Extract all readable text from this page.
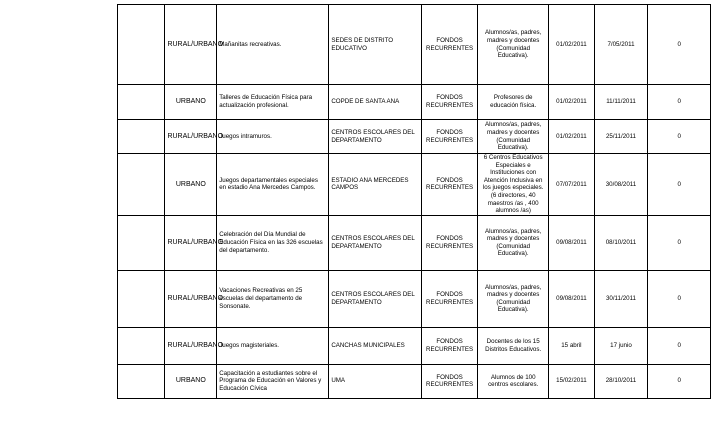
	RURAL/URBANO	Mañanitas recreativas.	SEDES DE DISTRITO EDUCATIVO	FONDOS RECURRENTES	Alumnos/as, padres, madres y docentes (Comunidad Educativa).	01/02/2011	7/05/2011	0
	URBANO	Talleres de Educación Física para actualización profesional.	COPDE DE SANTA ANA	FONDOS RECURRENTES	Profesores de educación física.	01/02/2011	11/11/2011	0
	RURAL/URBANO	Juegos intramuros.	CENTROS ESCOLARES DEL DEPARTAMENTO	FONDOS RECURRENTES	Alumnos/as, padres, madres y docentes (Comunidad Educativa).	01/02/2011	25/11/2011	0
	URBANO	Juegos departamentales especiales en estadio Ana Mercedes Campos.	ESTADIO ANA MERCEDES CAMPOS	FONDOS RECURRENTES	6 Centros Educativos Especiales e Instituciones con Atención Inclusiva en los juegos especiales. (6 directores, 40 maestros /as , 400 alumnos /as)	07/07/2011	30/08/2011	0
	RURAL/URBANO	Celebración del Día Mundial de Educación Física en las 326 escuelas del departamento.	CENTROS ESCOLARES DEL DEPARTAMENTO	FONDOS RECURRENTES	Alumnos/as, padres, madres y docentes (Comunidad Educativa).	09/08/2011	08/10/2011	0
	RURAL/URBANO	Vacaciones Recreativas en 25 escuelas del departamento de Sonsonate.	CENTROS ESCOLARES DEL DEPARTAMENTO	FONDOS RECURRENTES	Alumnos/as, padres, madres y docentes (Comunidad Educativa).	09/08/2011	30/11/2011	0
	RURAL/URBANO	Juegos magisteriales.	CANCHAS MUNICIPALES	FONDOS RECURRENTES	Docentes de los 15 Distritos Educativos.	15 abril	17 junio	0
	URBANO	Capacitación a estudiantes sobre el Programa de Educación en Valores y Educación Cívica	UMA	FONDOS RECURRENTES	Alumnos de 100 centros escolares.	15/02/2011	28/10/2011	0
